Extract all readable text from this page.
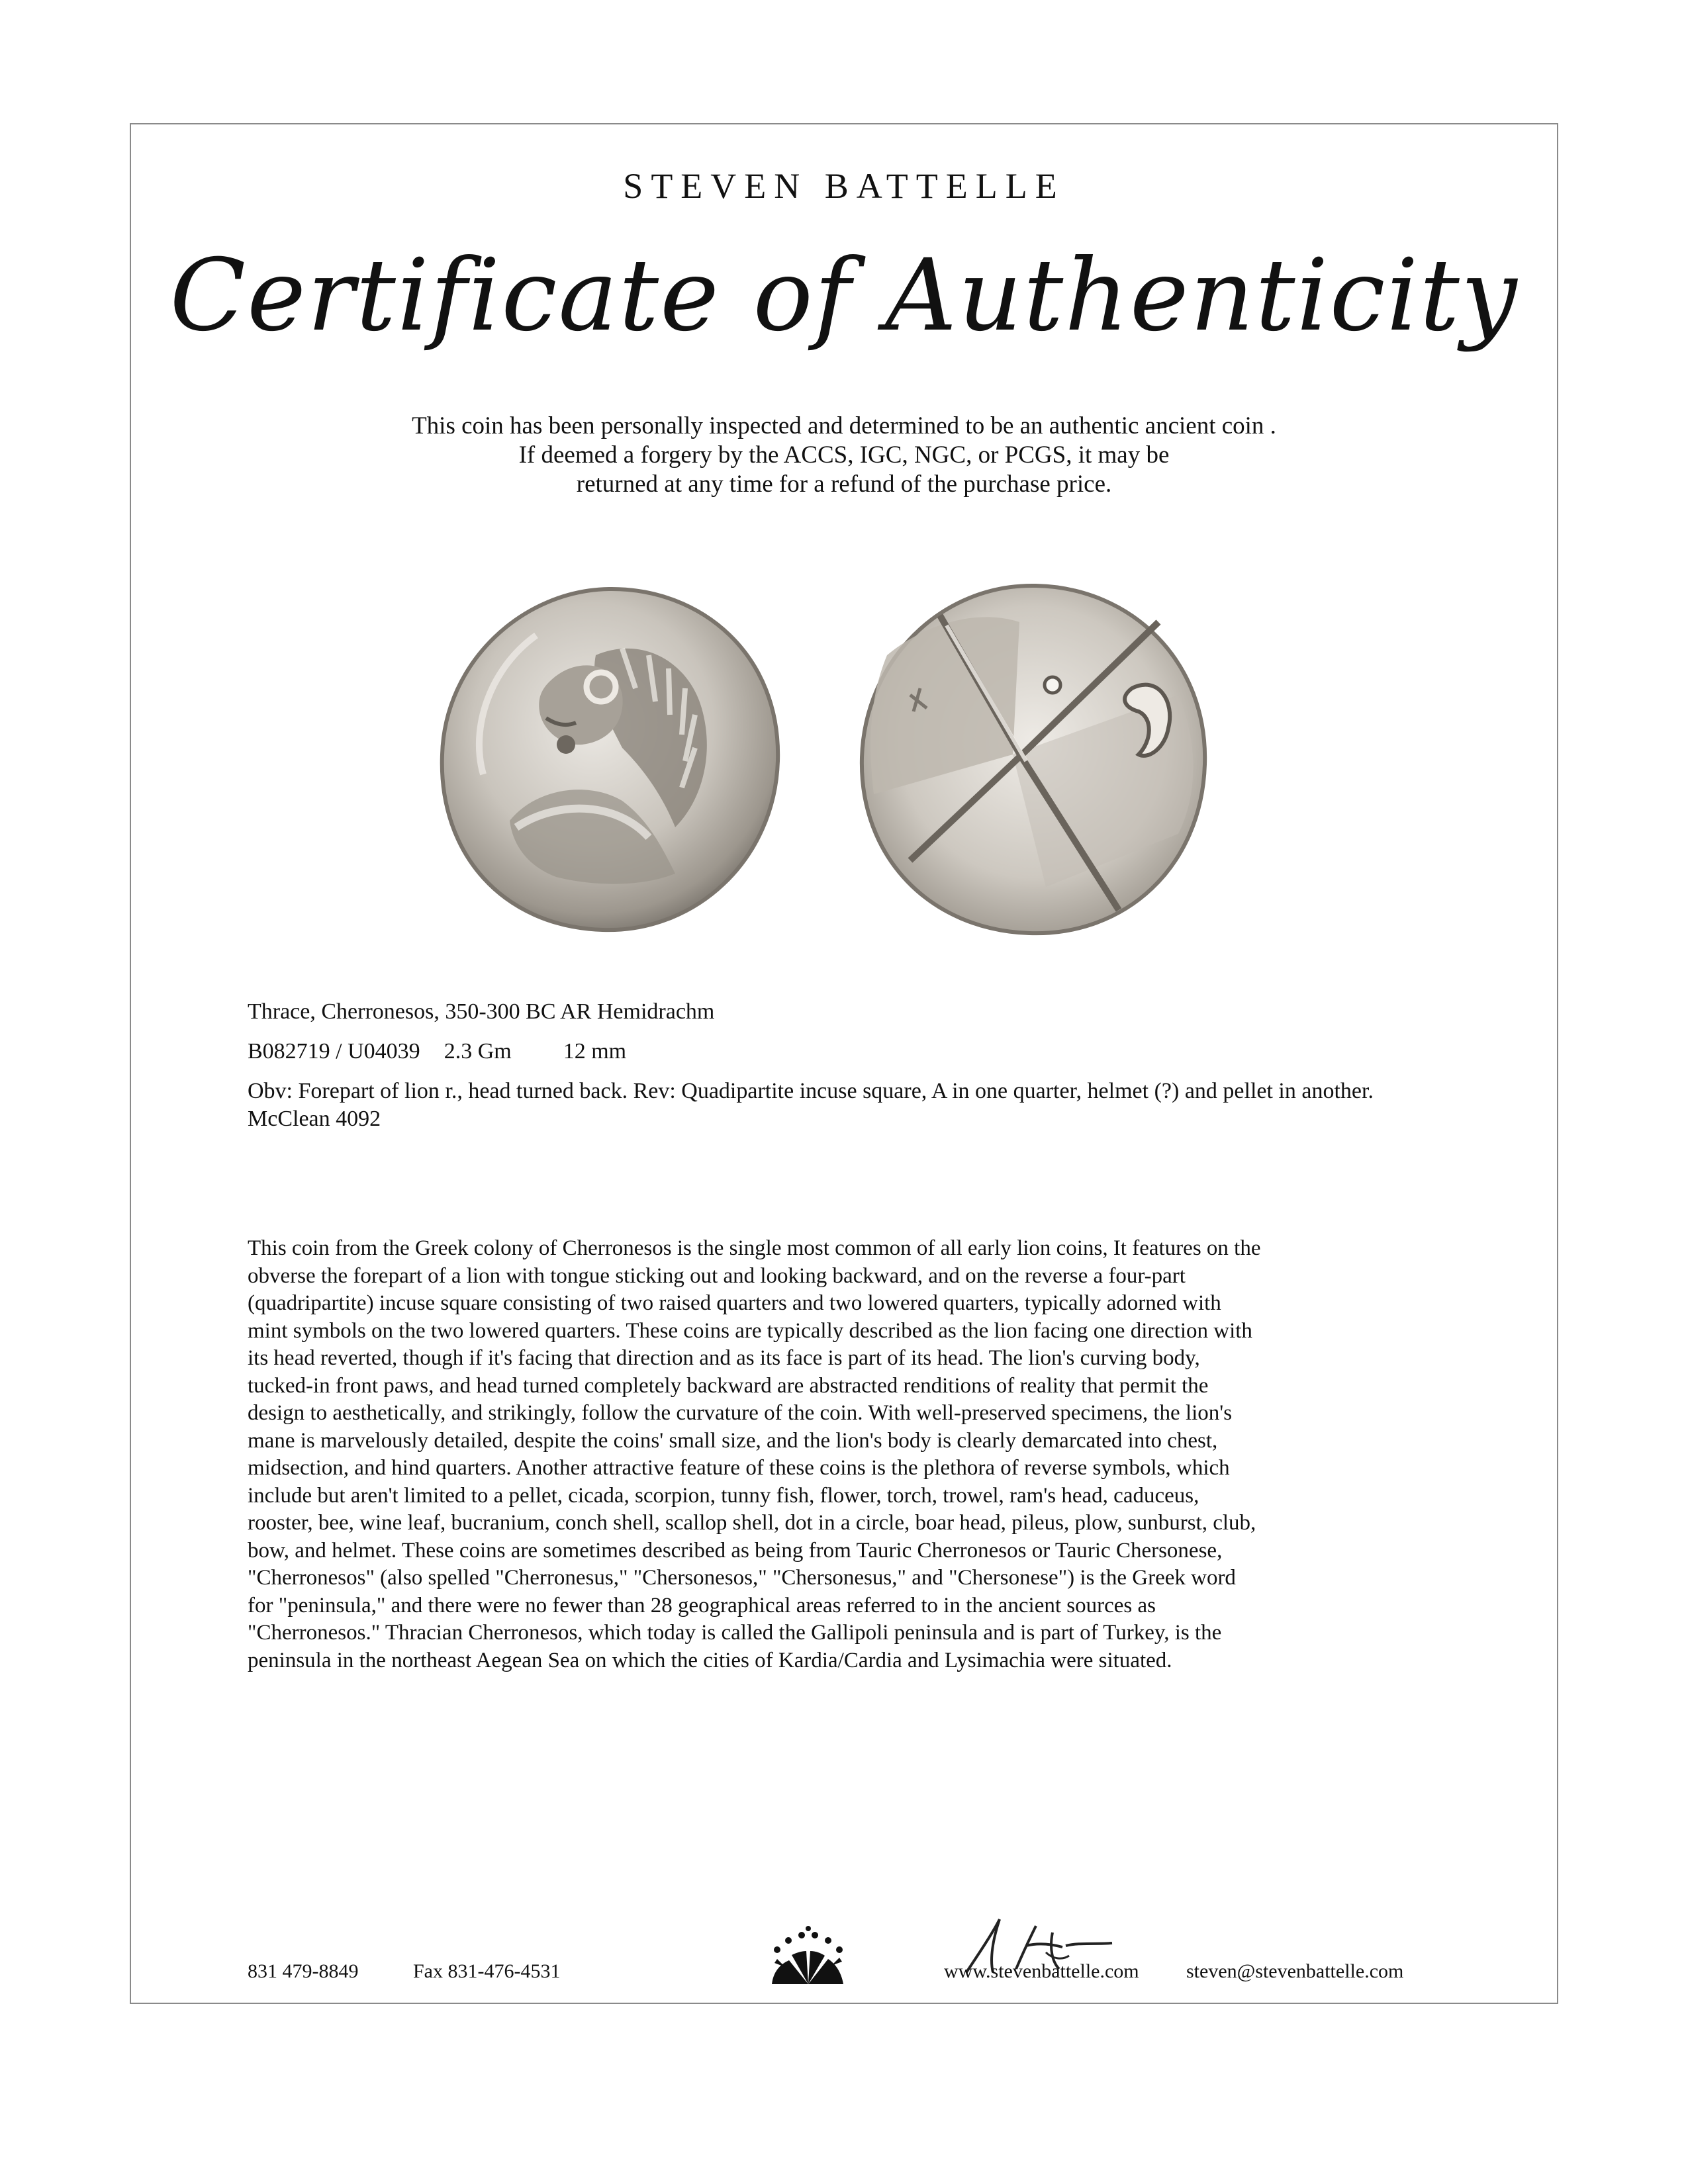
STEVEN BATTELLE
Certificate of Authenticity
This coin has been personally inspected and determined to be an authentic ancient coin .
If deemed a forgery by the ACCS, IGC, NGC, or PCGS, it may be
returned at any time for a refund of the purchase price.
Thrace, Cherronesos, 350-300 BC AR Hemidrachm
B082719 / U04039 2.3 Gm 12 mm
Obv: Forepart of lion r., head turned back. Rev: Quadipartite incuse square, A in one quarter, helmet (?) and pellet in another. McClean 4092
This coin from the Greek colony of Cherronesos is the single most common of all early lion coins, It features on the
obverse the forepart of a lion with tongue sticking out and looking backward, and on the reverse a four-part
(quadripartite) incuse square consisting of two raised quarters and two lowered quarters, typically adorned with
mint symbols on the two lowered quarters. These coins are typically described as the lion facing one direction with
its head reverted, though if it's facing that direction and as its face is part of its head. The lion's curving body,
tucked-in front paws, and head turned completely backward are abstracted renditions of reality that permit the
design to aesthetically, and strikingly, follow the curvature of the coin. With well-preserved specimens, the lion's
mane is marvelously detailed, despite the coins' small size, and the lion's body is clearly demarcated into chest,
midsection, and hind quarters. Another attractive feature of these coins is the plethora of reverse symbols, which
include but aren't limited to a pellet, cicada, scorpion, tunny fish, flower, torch, trowel, ram's head, caduceus,
rooster, bee, wine leaf, bucranium, conch shell, scallop shell, dot in a circle, boar head, pileus, plow, sunburst, club,
bow, and helmet. These coins are sometimes described as being from Tauric Cherronesos or Tauric Chersonese,
"Cherronesos" (also spelled "Cherronesus," "Chersonesos," "Chersonesus," and "Chersonese") is the Greek word
for "peninsula," and there were no fewer than 28 geographical areas referred to in the ancient sources as
"Cherronesos." Thracian Cherronesos, which today is called the Gallipoli peninsula and is part of Turkey, is the
peninsula in the northeast Aegean Sea on which the cities of Kardia/Cardia and Lysimachia were situated.
831 479-8849	Fax 831-476-4531	www.stevenbattelle.com steven@stevenbattelle.com
